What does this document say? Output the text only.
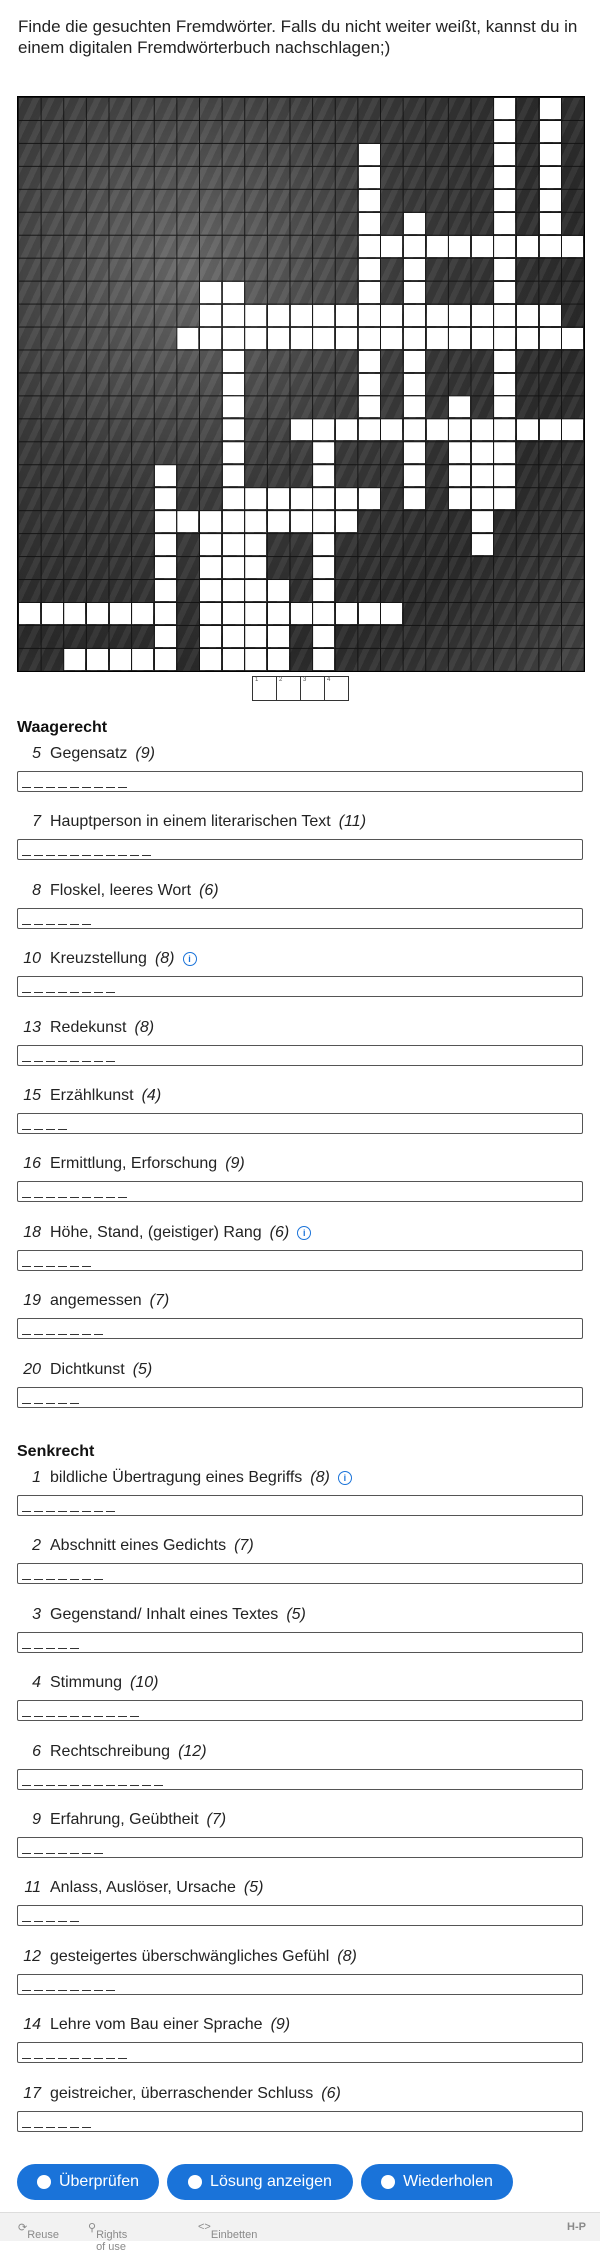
Finde die gesuchten Fremdwörter. Falls du nicht weiter weißt, kannst du in einem digitalen Fremdwörterbuch nachschlagen;)
1	2	3	4
Waagerecht
5 Gegensatz (9)
7 Hauptperson in einem literarischen Text (11)
8 Floskel, leeres Wort (6)
10 Kreuzstellung (8)	i
13 Redekunst (8)
15 Erzählkunst (4)
16 Ermittlung, Erforschung (9)
18 Höhe, Stand, (geistiger) Rang (6)	i
19 angemessen (7)
20 Dichtkunst (5)
Senkrecht
1 bildliche Übertragung eines Begriffs (8)	i
2 Abschnitt eines Gedichts (7)
3 Gegenstand/ Inhalt eines Textes (5)
4 Stimmung (10)
6 Rechtschreibung (12)
9 Erfahrung, Geübtheit (7)
11 Anlass, Auslöser, Ursache (5)
12 gesteigertes überschwängliches Gefühl (8)
14 Lehre vom Bau einer Sprache (9)
17 geistreicher, überraschender Schluss (6)
Überprüfen	Lösung anzeigen	Wiederholen
⟳
Reuse
⚲
Rights of use
<>
Einbetten
H-P
